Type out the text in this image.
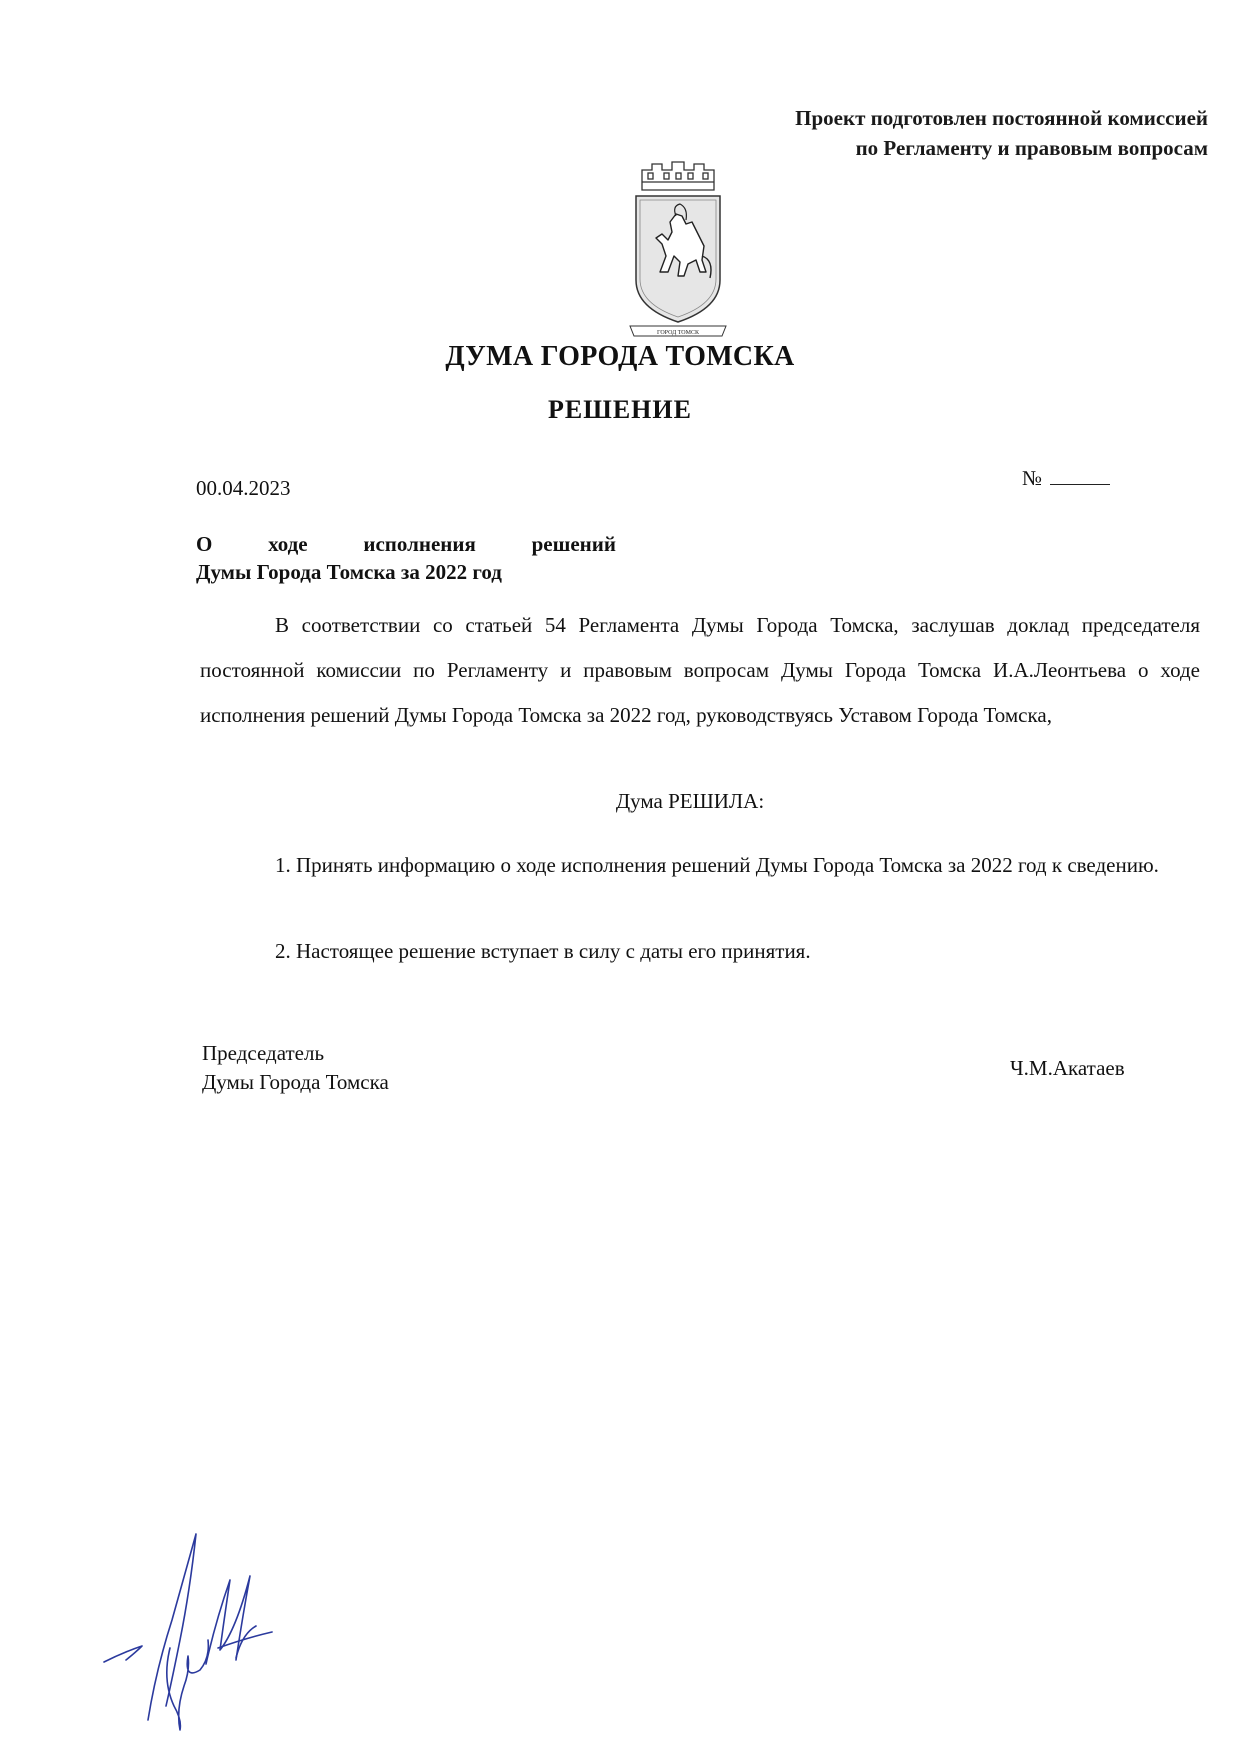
Проект подготовлен постоянной комиссией
по Регламенту и правовым вопросам
ГОРОД ТОМСК
ДУМА ГОРОДА ТОМСКА
РЕШЕНИЕ
00.04.2023	№
О	ходе	исполнения	решений
Думы Города Томска за 2022 год
В соответствии со статьей 54 Регламента Думы Города Томска, заслушав доклад председателя постоянной комиссии по Регламенту и правовым вопросам Думы Города Томска И.А.Леонтьева о ходе исполнения решений Думы Города Томска за 2022 год, руководствуясь Уставом Города Томска,
Дума РЕШИЛА:
1. Принять информацию о ходе исполнения решений Думы Города Томска за 2022 год к сведению.
2. Настоящее решение вступает в силу с даты его принятия.
Председатель
Думы Города Томска
Ч.М.Акатаев
